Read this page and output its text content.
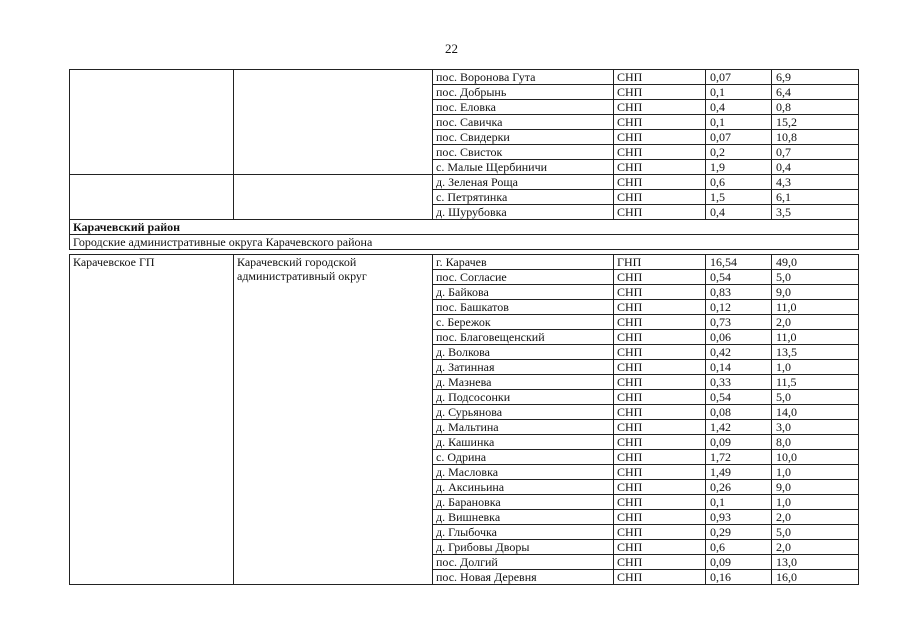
22
		пос. Воронова Гута	СНП	0,07	6,9
		пос. Добрынь	СНП	0,1	6,4
		пос. Еловка	СНП	0,4	0,8
		пос. Савичка	СНП	0,1	15,2
		пос. Свидерки	СНП	0,07	10,8
		пос. Свисток	СНП	0,2	0,7
		с. Малые Щербиничи	СНП	1,9	0,4
		д. Зеленая Роща	СНП	0,6	4,3
		с. Петрятинка	СНП	1,5	6,1
		д. Шурубовка	СНП	0,4	3,5
Карачевский район					
Городские административные округа Карачевского района					

Карачевское ГП	Карачевский городской административный округ	г. Карачев	ГНП	16,54	49,0
		пос. Согласие	СНП	0,54	5,0
		д. Байкова	СНП	0,83	9,0
		пос. Башкатов	СНП	0,12	11,0
		с. Бережок	СНП	0,73	2,0
		пос. Благовещенский	СНП	0,06	11,0
		д. Волкова	СНП	0,42	13,5
		д. Затинная	СНП	0,14	1,0
		д. Мазнева	СНП	0,33	11,5
		д. Подсосонки	СНП	0,54	5,0
		д. Сурьянова	СНП	0,08	14,0
		д. Мальтина	СНП	1,42	3,0
		д. Кашинка	СНП	0,09	8,0
		с. Одрина	СНП	1,72	10,0
		д. Масловка	СНП	1,49	1,0
		д. Аксиньина	СНП	0,26	9,0
		д. Барановка	СНП	0,1	1,0
		д. Вишневка	СНП	0,93	2,0
		д. Глыбочка	СНП	0,29	5,0
		д. Грибовы Дворы	СНП	0,6	2,0
		пос. Долгий	СНП	0,09	13,0
		пос. Новая Деревня	СНП	0,16	16,0
